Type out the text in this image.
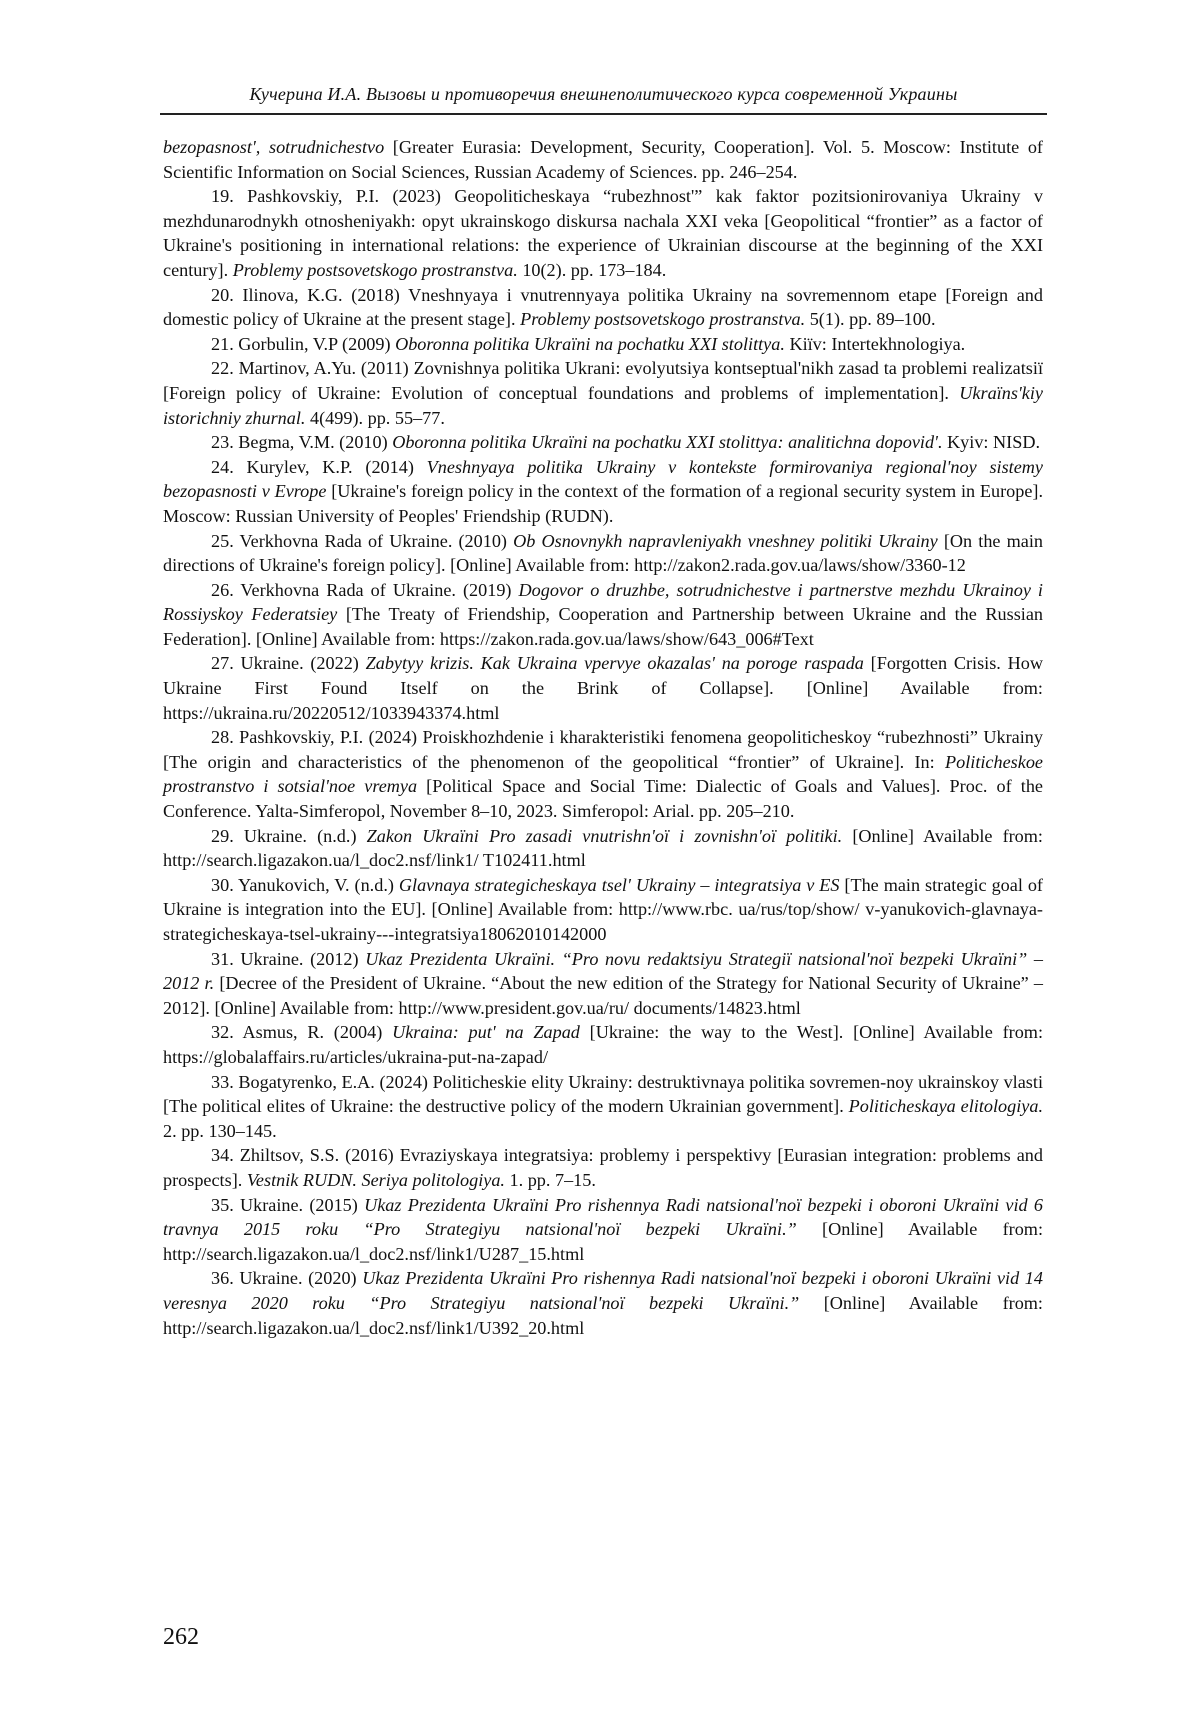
Кучерина И.А. Вызовы и противоречия внешнеполитического курса современной Украины

bezopasnost', sotrudnichestvo [Greater Eurasia: Development, Security, Cooperation]. Vol. 5. Moscow: Institute of Scientific Information on Social Sciences, Russian Academy of Sciences. pp. 246–254.

19. Pashkovskiy, P.I. (2023) Geopoliticheskaya “rubezhnost'” kak faktor pozitsionirovaniya Ukrainy v mezhdunarodnykh otnosheniyakh: opyt ukrainskogo diskursa nachala XXI veka [Geopolitical “frontier” as a factor of Ukraine's positioning in international relations: the experience of Ukrainian discourse at the beginning of the XXI century]. Problemy postsovetskogo prostranstva. 10(2). pp. 173–184.

20. Ilinova, K.G. (2018) Vneshnyaya i vnutrennyaya politika Ukrainy na sovremennom etape [Foreign and domestic policy of Ukraine at the present stage]. Problemy postsovetskogo prostranstva. 5(1). pp. 89–100.

21. Gorbulin, V.P (2009) Oboronna politika Ukraïni na pochatku XXI stolittya. Kiïv: Intertekhnologiya.

22. Martinov, A.Yu. (2011) Zovnishnya politika Ukrani: evolyutsiya kontseptual'nikh zasad ta problemi realizatsiï [Foreign policy of Ukraine: Evolution of conceptual foundations and problems of implementation]. Ukraïns'kiy istorichniy zhurnal. 4(499). pp. 55–77.

23. Begma, V.M. (2010) Oboronna politika Ukraïni na pochatku XXI stolittya: analitichna dopovid'. Kyiv: NISD.

24. Kurylev, K.P. (2014) Vneshnyaya politika Ukrainy v kontekste formirovaniya regional'noy sistemy bezopasnosti v Evrope [Ukraine's foreign policy in the context of the formation of a regional security system in Europe]. Moscow: Russian University of Peoples' Friendship (RUDN).

25. Verkhovna Rada of Ukraine. (2010) Ob Osnovnykh napravleniyakh vneshney politiki Ukrainy [On the main directions of Ukraine's foreign policy]. [Online] Available from: http://zakon2.rada.gov.ua/laws/show/3360-12

26. Verkhovna Rada of Ukraine. (2019) Dogovor o druzhbe, sotrudnichestve i partnerstve mezhdu Ukrainoy i Rossiyskoy Federatsiey [The Treaty of Friendship, Cooperation and Partnership between Ukraine and the Russian Federation]. [Online] Available from: https://zakon.rada.gov.ua/laws/show/643_006#Text

27. Ukraine. (2022) Zabytyy krizis. Kak Ukraina vpervye okazalas' na poroge raspada [Forgotten Crisis. How Ukraine First Found Itself on the Brink of Collapse]. [Online] Available from: https://ukraina.ru/20220512/1033943374.html

28. Pashkovskiy, P.I. (2024) Proiskhozhdenie i kharakteristiki fenomena geopoliticheskoy “rubezhnosti” Ukrainy [The origin and characteristics of the phenomenon of the geopolitical “frontier” of Ukraine]. In: Politicheskoe prostranstvo i sotsial'noe vremya [Political Space and Social Time: Dialectic of Goals and Values]. Proc. of the Conference. Yalta-Simferopol, November 8–10, 2023. Simferopol: Arial. pp. 205–210.

29. Ukraine. (n.d.) Zakon Ukraïni Pro zasadi vnutrishn'oï i zovnishn'oï politiki. [Online] Available from: http://search.ligazakon.ua/l_doc2.nsf/link1/ T102411.html

30. Yanukovich, V. (n.d.) Glavnaya strategicheskaya tsel' Ukrainy – integratsiya v ES [The main strategic goal of Ukraine is integration into the EU]. [Online] Available from: http://www.rbc. ua/rus/top/show/ v-yanukovich-glavnaya-strategicheskaya-tsel-ukrainy---integratsiya18062010142000

31. Ukraine. (2012) Ukaz Prezidenta Ukraïni. “Pro novu redaktsiyu Strategiï natsional'noï bezpeki Ukraïni” – 2012 r. [Decree of the President of Ukraine. “About the new edition of the Strategy for National Security of Ukraine” – 2012]. [Online] Available from: http://www.president.gov.ua/ru/ documents/14823.html

32. Asmus, R. (2004) Ukraina: put' na Zapad [Ukraine: the way to the West]. [Online] Available from: https://globalaffairs.ru/articles/ukraina-put-na-zapad/

33. Bogatyrenko, E.A. (2024) Politicheskie elity Ukrainy: destruktivnaya politika sovremen-noy ukrainskoy vlasti [The political elites of Ukraine: the destructive policy of the modern Ukrainian government]. Politicheskaya elitologiya. 2. pp. 130–145.

34. Zhiltsov, S.S. (2016) Evraziyskaya integratsiya: problemy i perspektivy [Eurasian integration: problems and prospects]. Vestnik RUDN. Seriya politologiya. 1. pp. 7–15.

35. Ukraine. (2015) Ukaz Prezidenta Ukraïni Pro rishennya Radi natsional'noï bezpeki i oboroni Ukraïni vid 6 travnya 2015 roku “Pro Strategiyu natsional'noï bezpeki Ukraïni.” [Online] Available from: http://search.ligazakon.ua/l_doc2.nsf/link1/U287_15.html

36. Ukraine. (2020) Ukaz Prezidenta Ukraïni Pro rishennya Radi natsional'noï bezpeki i oboroni Ukraïni vid 14 veresnya 2020 roku “Pro Strategiyu natsional'noï bezpeki Ukraïni.” [Online] Available from: http://search.ligazakon.ua/l_doc2.nsf/link1/U392_20.html

262
